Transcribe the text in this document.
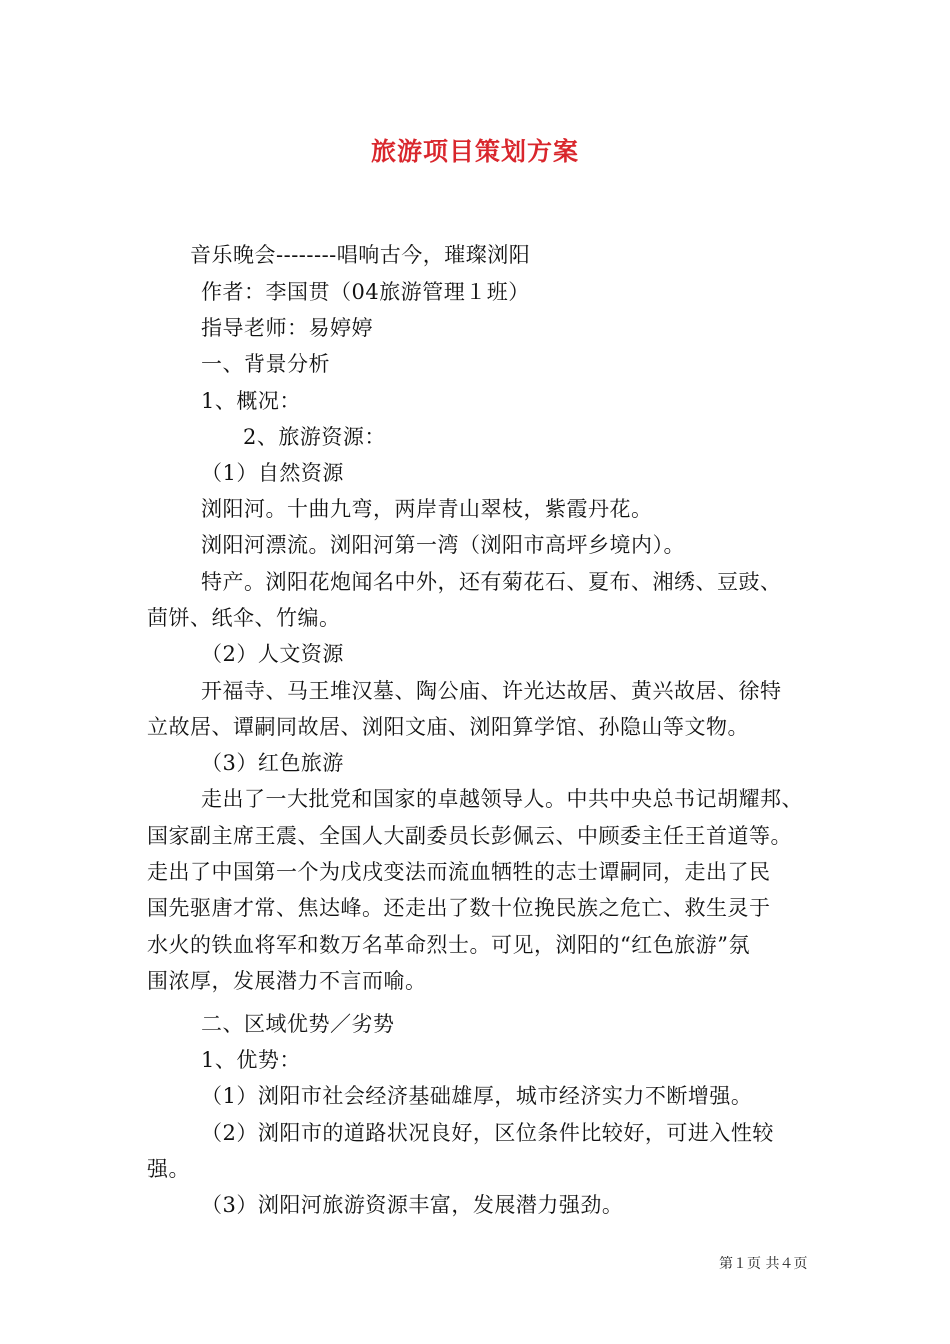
旅游项目策划方案
音乐晚会--------唱响古今，璀璨浏阳
作者：李国贯（04旅游管理１班）
指导老师：易婷婷
一、背景分析
1、概况：
2、旅游资源：
（1）自然资源
浏阳河。十曲九弯，两岸青山翠枝，紫霞丹花。
浏阳河漂流。浏阳河第一湾（浏阳市高坪乡境内）。
特产。浏阳花炮闻名中外，还有菊花石、夏布、湘绣、豆豉、
茴饼、纸伞、竹编。
（2）人文资源
开福寺、马王堆汉墓、陶公庙、许光达故居、黄兴故居、徐特
立故居、谭嗣同故居、浏阳文庙、浏阳算学馆、孙隐山等文物。
（3）红色旅游
走出了一大批党和国家的卓越领导人。中共中央总书记胡耀邦、
国家副主席王震、全国人大副委员长彭佩云、中顾委主任王首道等。
走出了中国第一个为戊戌变法而流血牺牲的志士谭嗣同，走出了民
国先驱唐才常、焦达峰。还走出了数十位挽民族之危亡、救生灵于
水火的铁血将军和数万名革命烈士。可见，浏阳的“红色旅游”氛
围浓厚，发展潜力不言而喻。
二、区域优势／劣势
1、优势：
（1）浏阳市社会经济基础雄厚，城市经济实力不断增强。
（2）浏阳市的道路状况良好，区位条件比较好，可进入性较
强。
（3）浏阳河旅游资源丰富，发展潜力强劲。
第１页 共４页
